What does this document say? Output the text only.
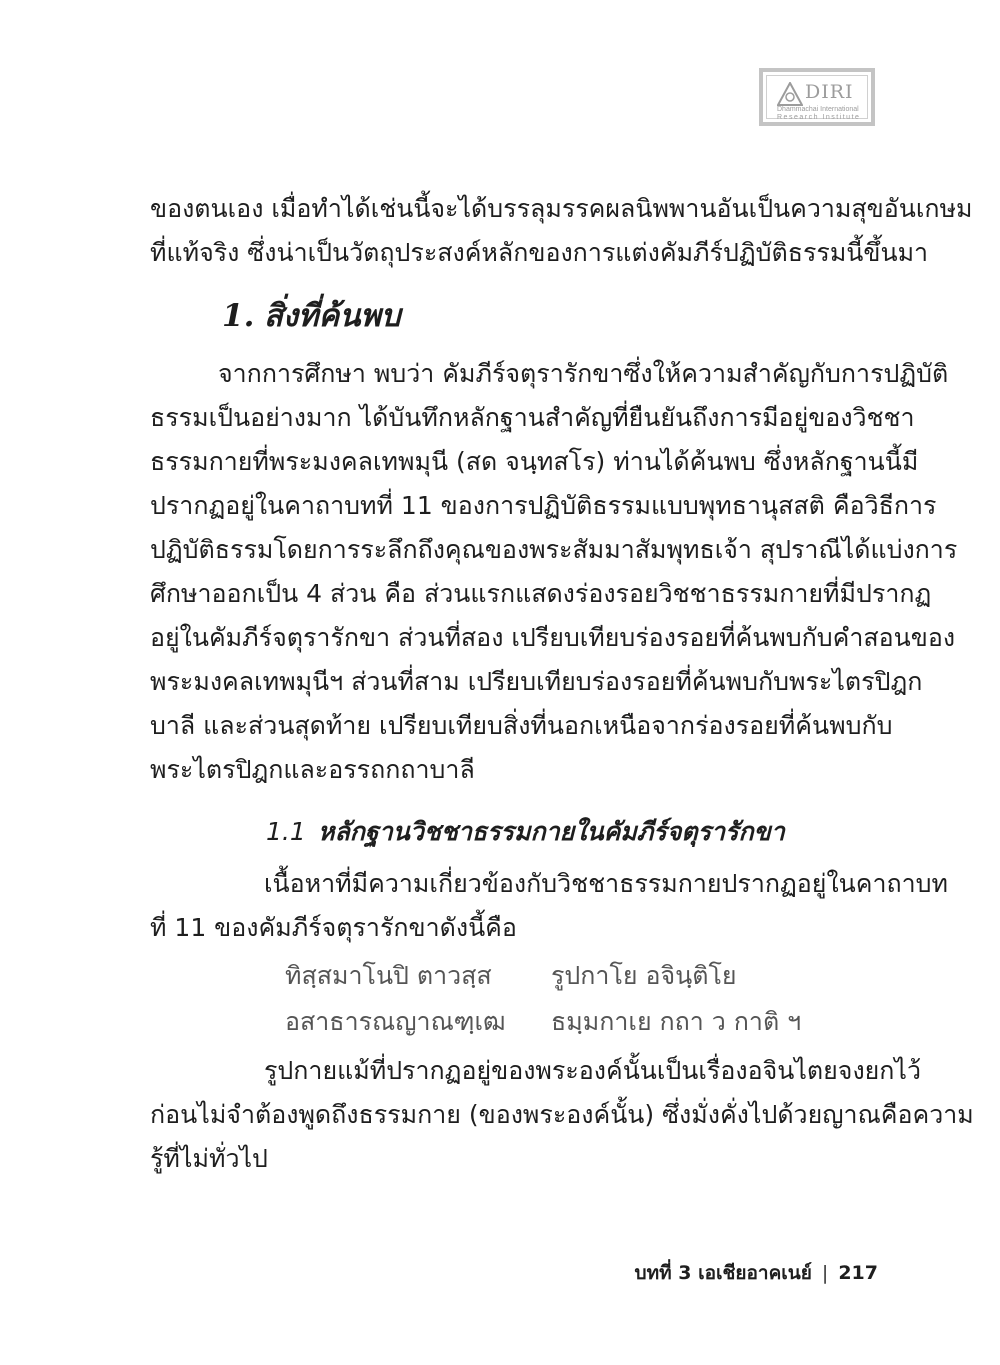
DIRI
Dhammachai International
Research Institute

ของตนเอง เมื่อทำได้เช่นนี้จะได้บรรลุมรรคผลนิพพานอันเป็นความสุขอันเกษม
ที่แท้จริง ซึ่งน่าเป็นวัตถุประสงค์หลักของการแต่งคัมภีร์ปฏิบัติธรรมนี้ขึ้นมา

1. สิ่งที่ค้นพบ

จากการศึกษา พบว่า คัมภีร์จตุรารักขาซึ่งให้ความสำคัญกับการปฏิบัติ
ธรรมเป็นอย่างมาก ได้บันทึกหลักฐานสำคัญที่ยืนยันถึงการมีอยู่ของวิชชา
ธรรมกายที่พระมงคลเทพมุนี (สด จนฺทสโร) ท่านได้ค้นพบ ซึ่งหลักฐานนี้มี
ปรากฏอยู่ในคาถาบทที่ 11 ของการปฏิบัติธรรมแบบพุทธานุสสติ คือวิธีการ
ปฏิบัติธรรมโดยการระลึกถึงคุณของพระสัมมาสัมพุทธเจ้า สุปราณีได้แบ่งการ
ศึกษาออกเป็น 4 ส่วน คือ ส่วนแรกแสดงร่องรอยวิชชาธรรมกายที่มีปรากฏ
อยู่ในคัมภีร์จตุรารักขา ส่วนที่สอง เปรียบเทียบร่องรอยที่ค้นพบกับคำสอนของ
พระมงคลเทพมุนีฯ ส่วนที่สาม เปรียบเทียบร่องรอยที่ค้นพบกับพระไตรปิฎก
บาลี และส่วนสุดท้าย เปรียบเทียบสิ่งที่นอกเหนือจากร่องรอยที่ค้นพบกับ
พระไตรปิฎกและอรรถกถาบาลี

1.1 หลักฐานวิชชาธรรมกายในคัมภีร์จตุรารักขา

เนื้อหาที่มีความเกี่ยวข้องกับวิชชาธรรมกายปรากฏอยู่ในคาถาบท
ที่ 11 ของคัมภีร์จตุรารักขาดังนี้คือ

ทิสฺสมาโนปิ ตาวสฺส	รูปกาโย อจินฺติโย
อสาธารณญาณฑฺเฒ	ธมฺมกาเย กถา ว กาติ ฯ

รูปกายแม้ที่ปรากฏอยู่ของพระองค์นั้นเป็นเรื่องอจินไตยจงยกไว้
ก่อนไม่จำต้องพูดถึงธรรมกาย (ของพระองค์นั้น) ซึ่งมั่งคั่งไปด้วยญาณคือความ
รู้ที่ไม่ทั่วไป

บทที่ 3 เอเชียอาคเนย์ | 217
